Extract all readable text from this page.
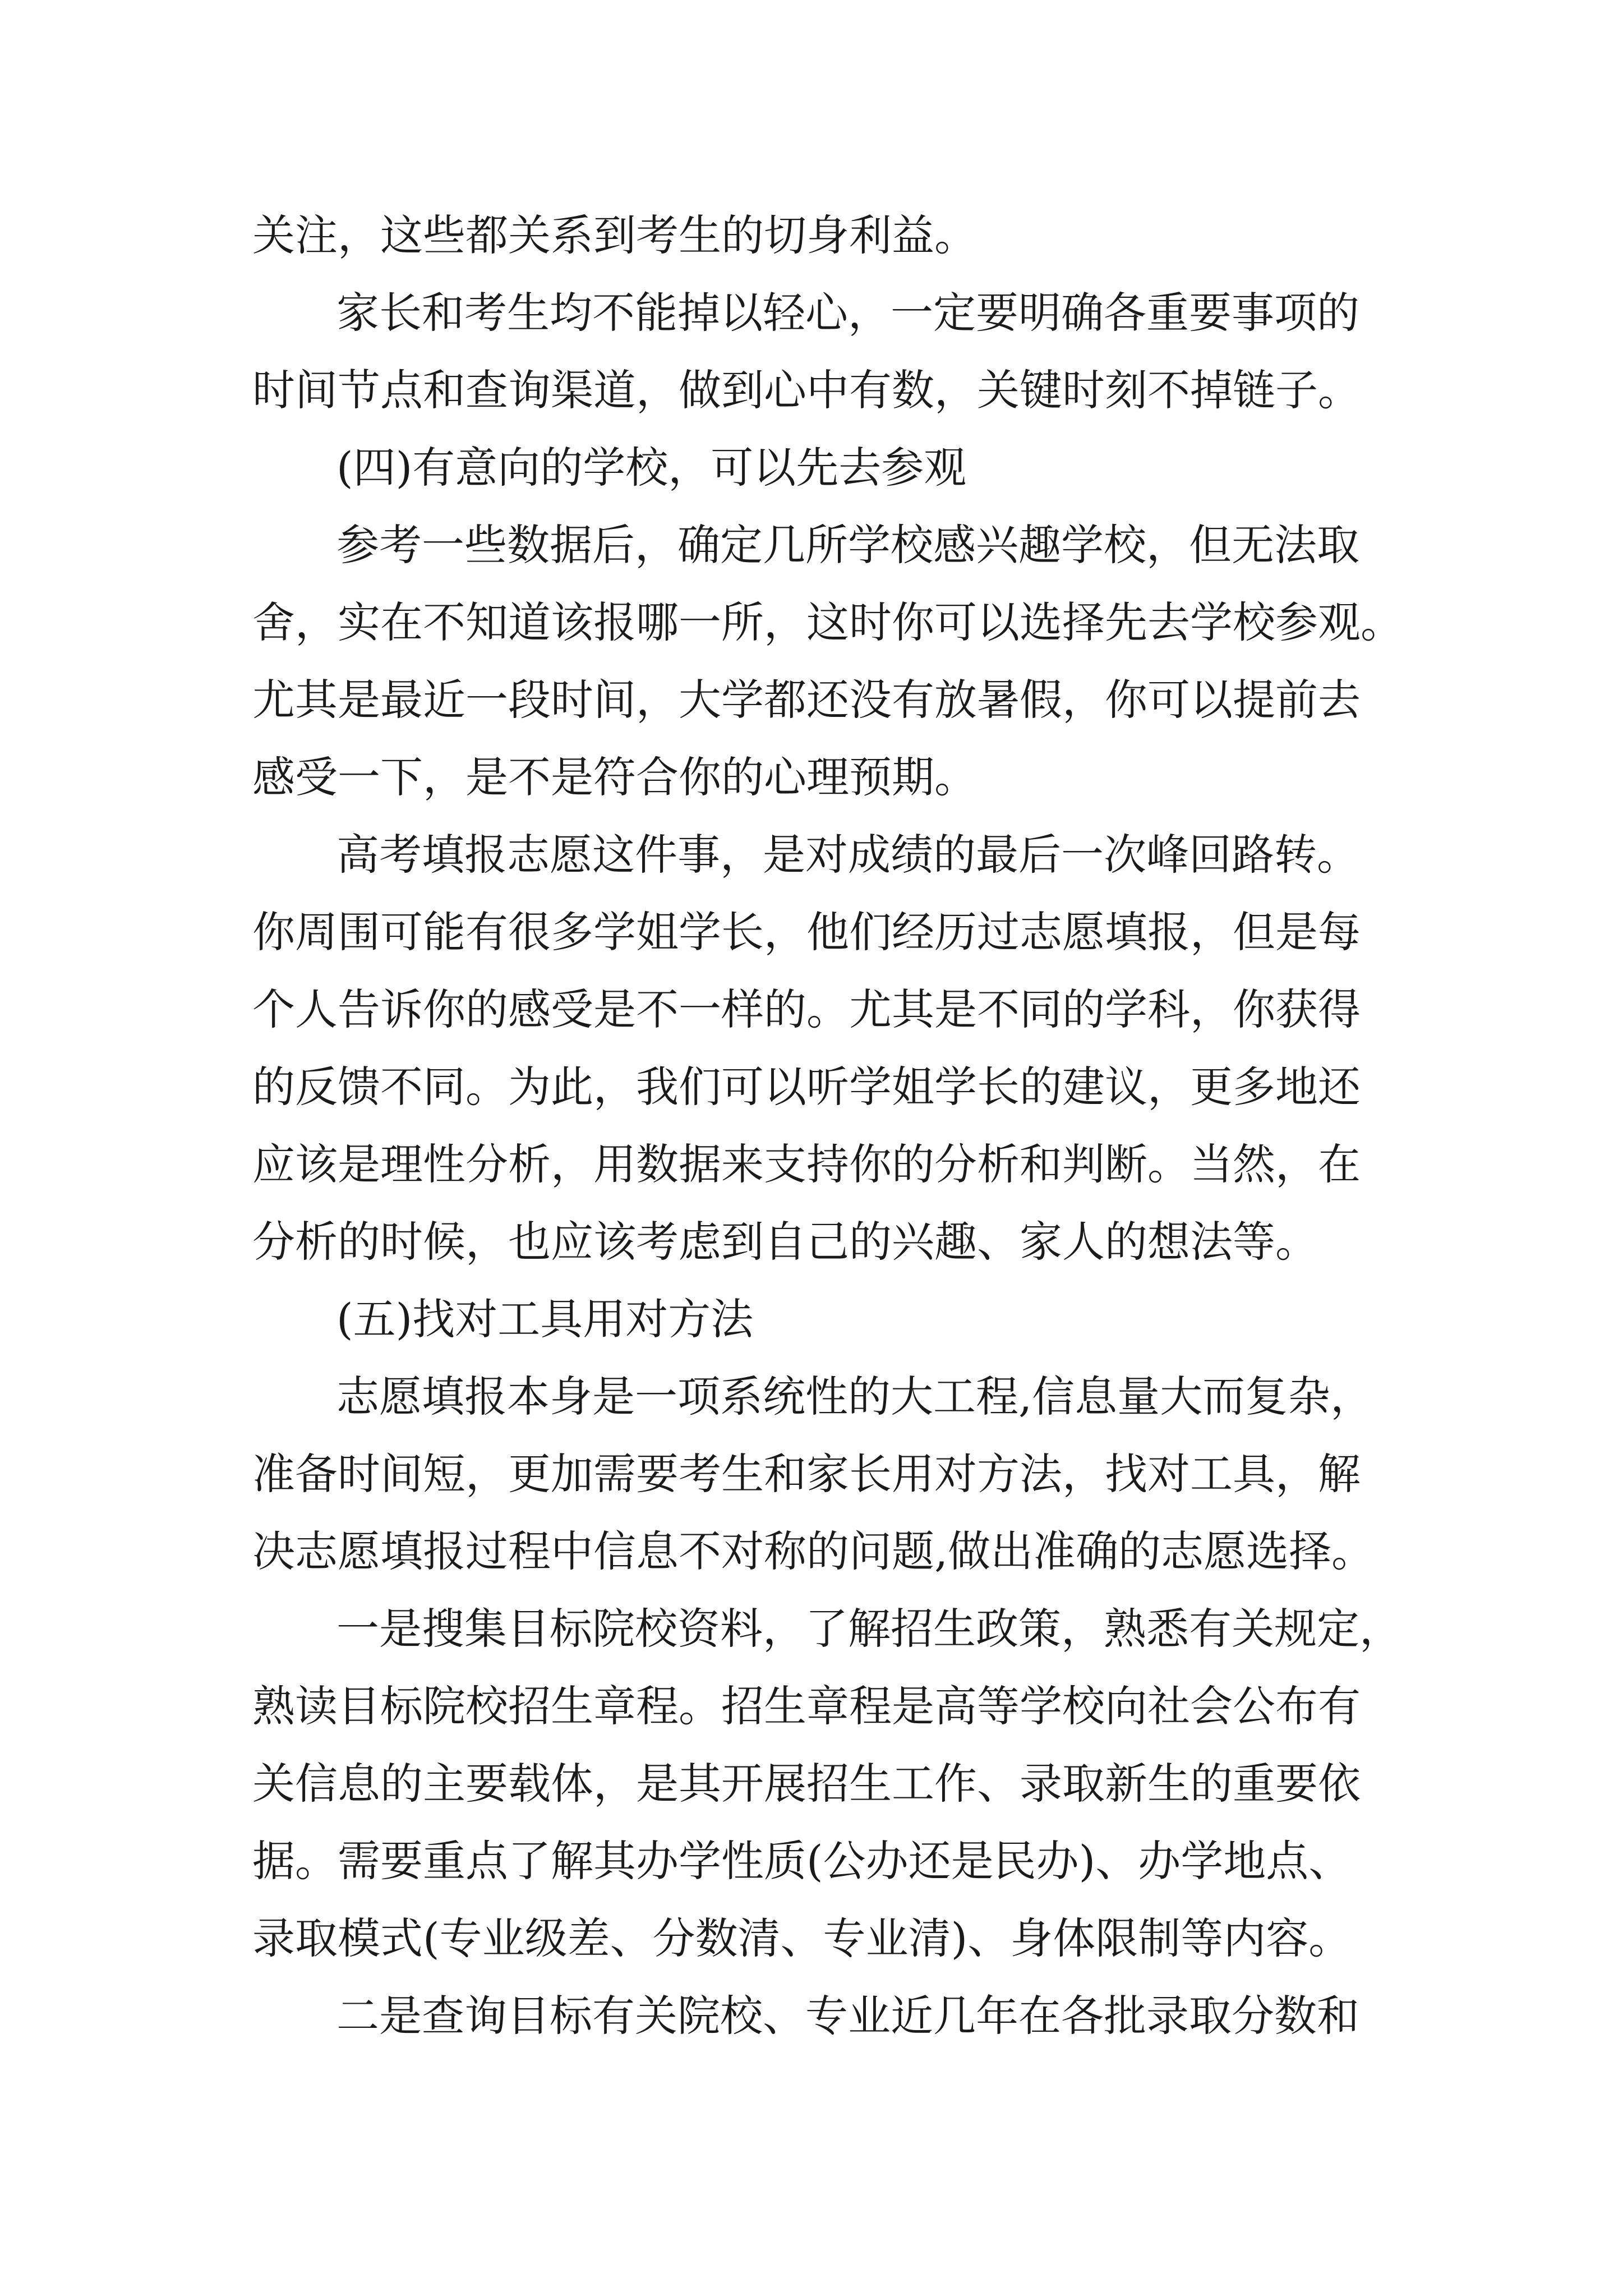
关注，这些都关系到考生的切身利益。
家长和考生均不能掉以轻心，一定要明确各重要事项的
时间节点和查询渠道，做到心中有数，关键时刻不掉链子。
(四)有意向的学校，可以先去参观
参考一些数据后，确定几所学校感兴趣学校，但无法取
舍，实在不知道该报哪一所，这时你可以选择先去学校参观。
尤其是最近一段时间，大学都还没有放暑假，你可以提前去
感受一下，是不是符合你的心理预期。
高考填报志愿这件事，是对成绩的最后一次峰回路转。
你周围可能有很多学姐学长，他们经历过志愿填报，但是每
个人告诉你的感受是不一样的。尤其是不同的学科，你获得
的反馈不同。为此，我们可以听学姐学长的建议，更多地还
应该是理性分析，用数据来支持你的分析和判断。当然，在
分析的时候，也应该考虑到自己的兴趣、家人的想法等。
(五)找对工具用对方法
志愿填报本身是一项系统性的大工程,信息量大而复杂，
准备时间短，更加需要考生和家长用对方法，找对工具，解
决志愿填报过程中信息不对称的问题,做出准确的志愿选择。
一是搜集目标院校资料，了解招生政策，熟悉有关规定，
熟读目标院校招生章程。招生章程是高等学校向社会公布有
关信息的主要载体，是其开展招生工作、录取新生的重要依
据。需要重点了解其办学性质(公办还是民办)、办学地点、
录取模式(专业级差、分数清、专业清)、身体限制等内容。
二是查询目标有关院校、专业近几年在各批录取分数和
